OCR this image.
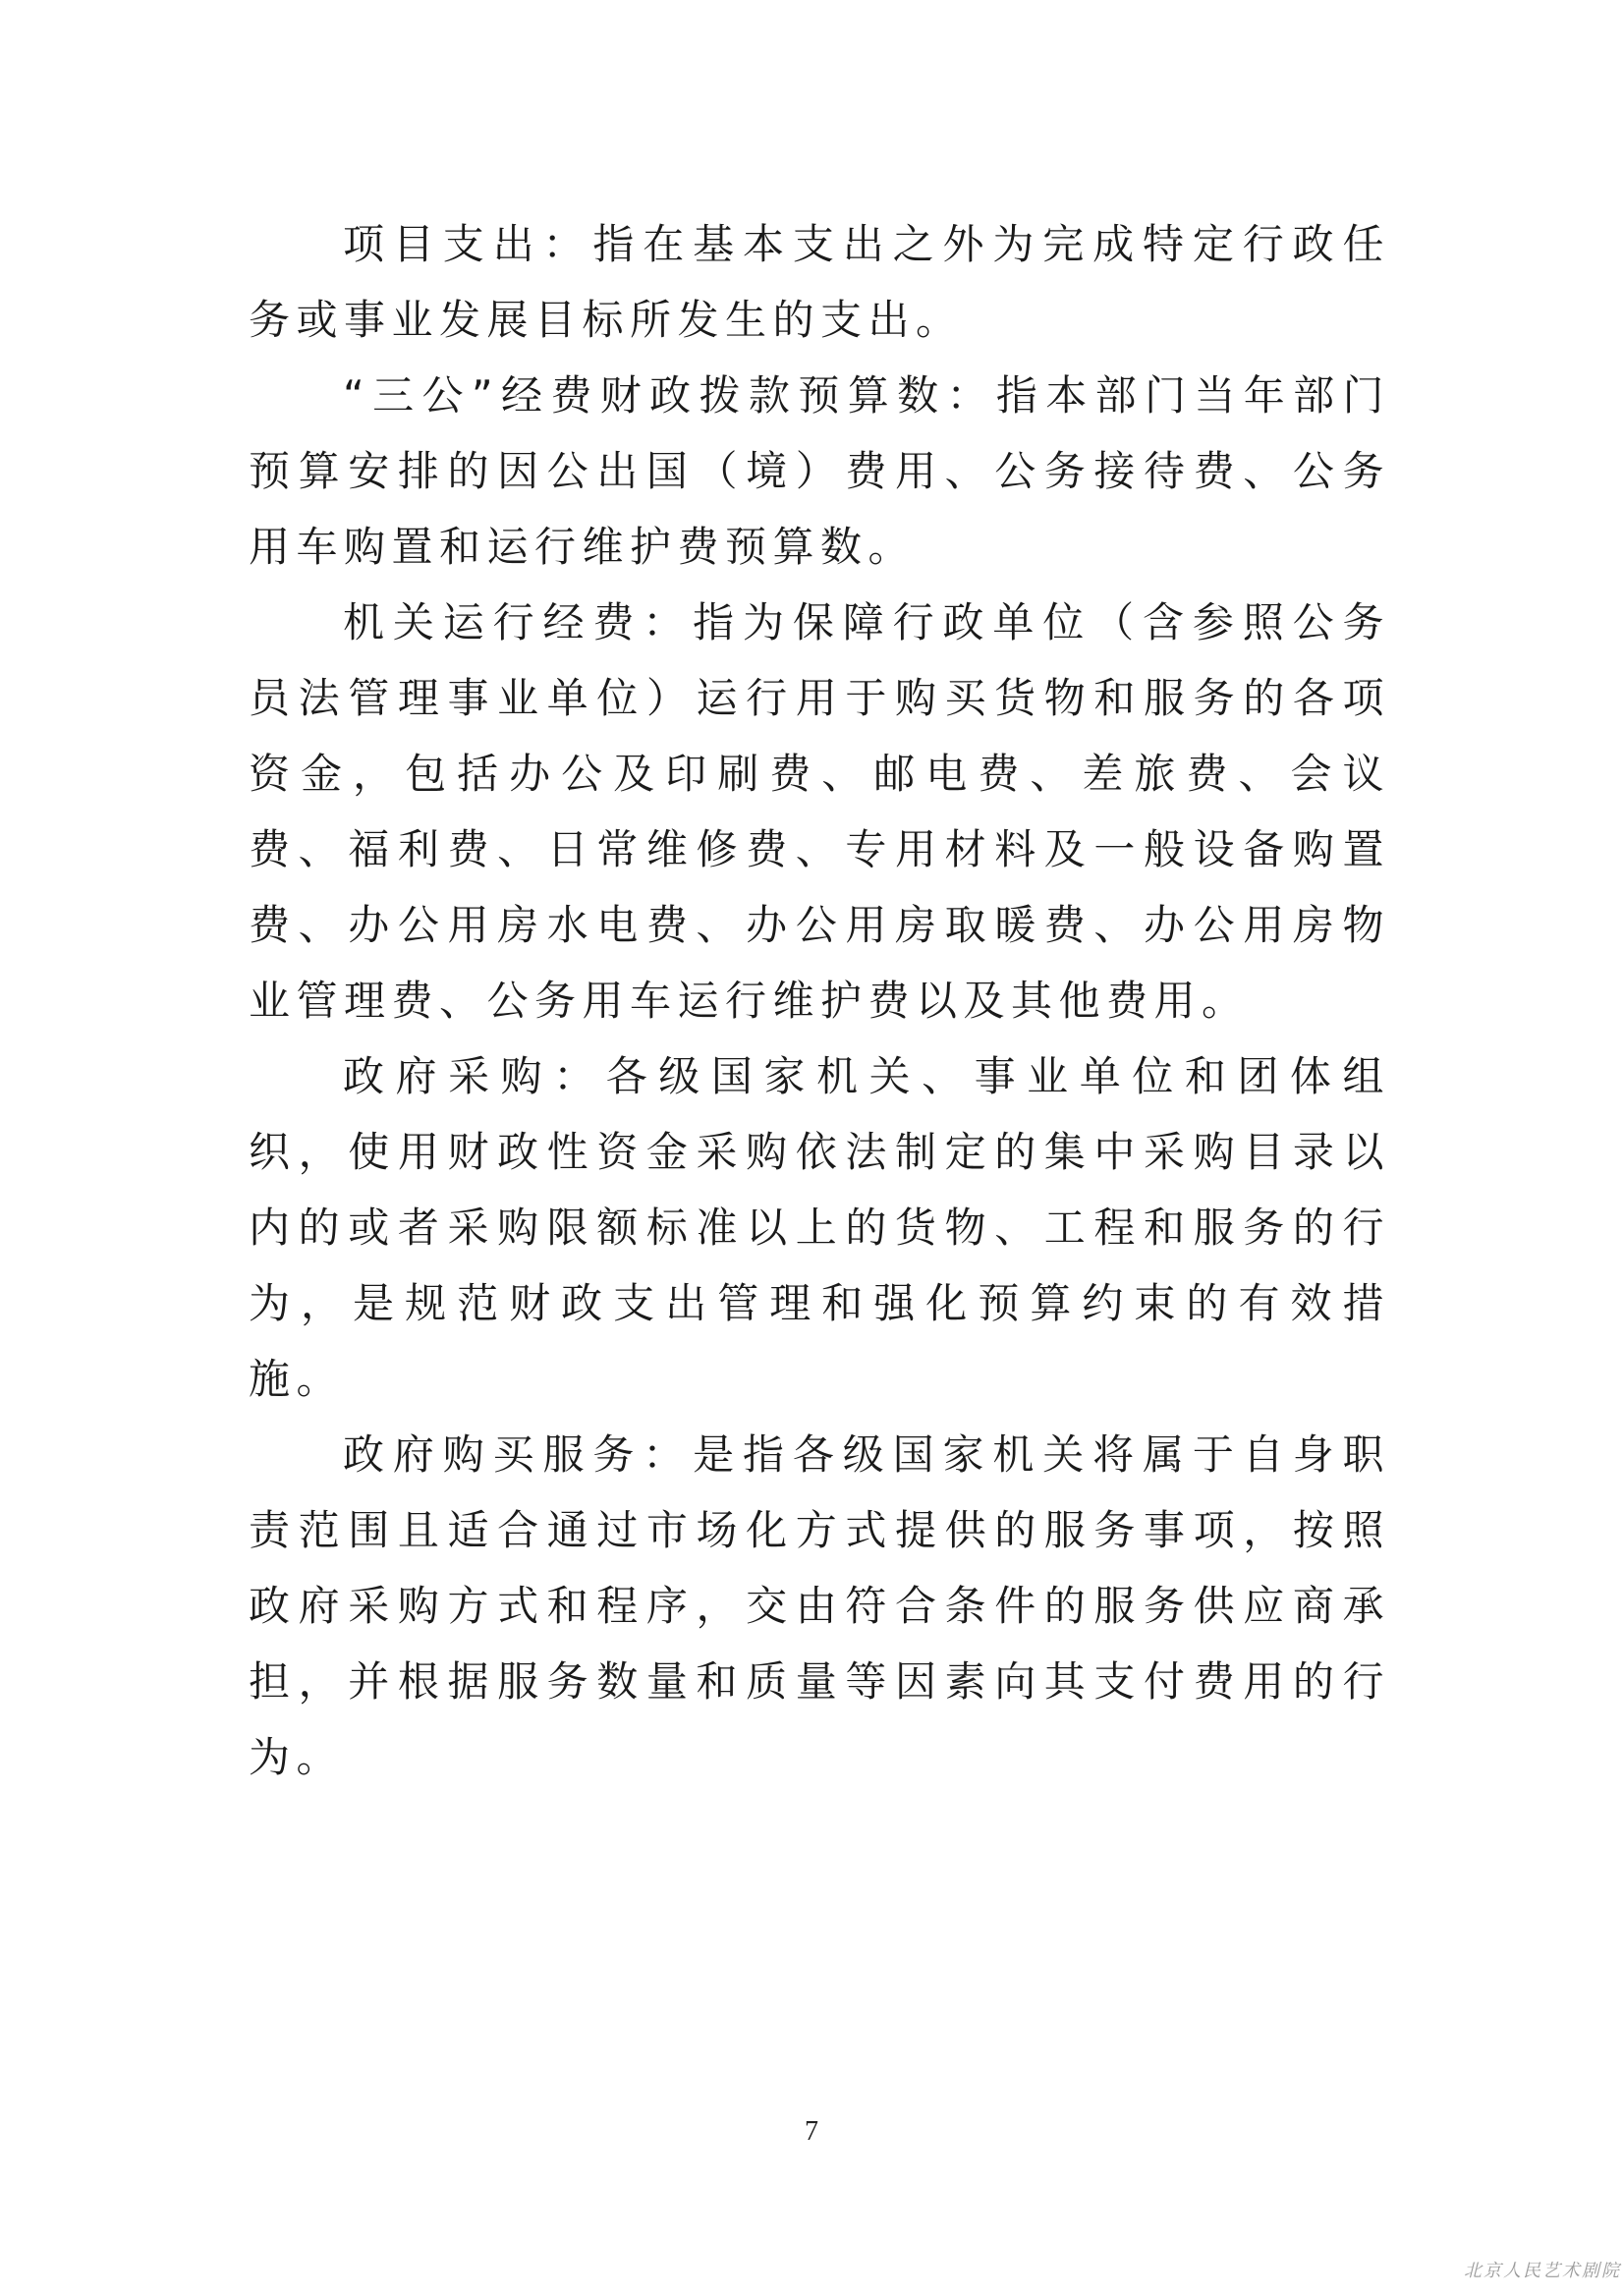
项目支出：指在基本支出之外为完成特定行政任务或事业发展目标所发生的支出。

“三公”经费财政拨款预算数：指本部门当年部门预算安排的因公出国（境）费用、公务接待费、公务用车购置和运行维护费预算数。

机关运行经费：指为保障行政单位（含参照公务员法管理事业单位）运行用于购买货物和服务的各项资金，包括办公及印刷费、邮电费、差旅费、会议费、福利费、日常维修费、专用材料及一般设备购置费、办公用房水电费、办公用房取暖费、办公用房物业管理费、公务用车运行维护费以及其他费用。

政府采购：各级国家机关、事业单位和团体组织，使用财政性资金采购依法制定的集中采购目录以内的或者采购限额标准以上的货物、工程和服务的行为，是规范财政支出管理和强化预算约束的有效措施。

政府购买服务：是指各级国家机关将属于自身职责范围且适合通过市场化方式提供的服务事项，按照政府采购方式和程序，交由符合条件的服务供应商承担，并根据服务数量和质量等因素向其支付费用的行为。

7
北京人民艺术剧院
